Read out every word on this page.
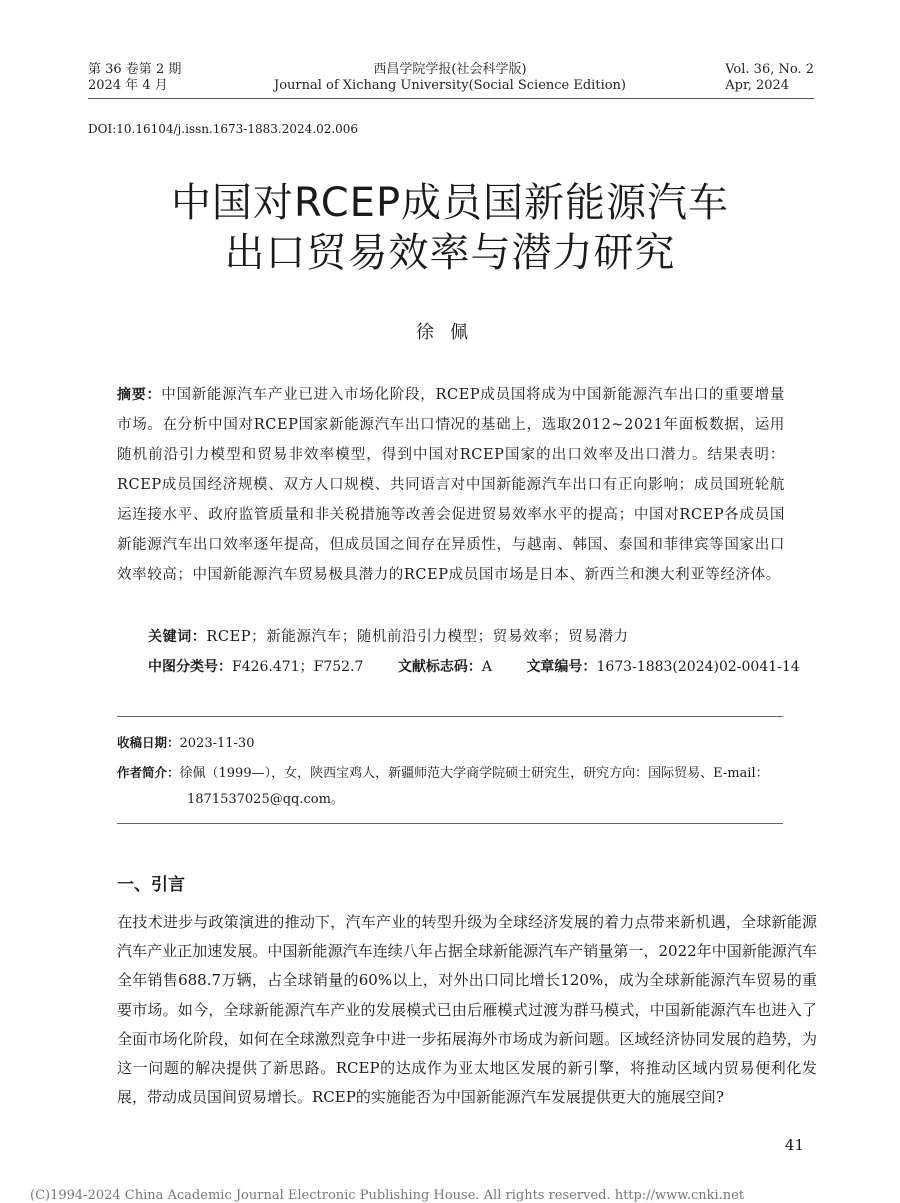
第 36 卷第 2 期
2024 年 4 月
西昌学院学报(社会科学版)
Journal of Xichang University(Social Science Edition)
Vol. 36, No. 2
Apr, 2024
DOI:10.16104/j.issn.1673-1883.2024.02.006
中国对RCEP成员国新能源汽车
出口贸易效率与潜力研究
徐佩
摘要：中国新能源汽车产业已进入市场化阶段，RCEP成员国将成为中国新能源汽车出口的重要增量市场。在分析中国对RCEP国家新能源汽车出口情况的基础上，选取2012~2021年面板数据，运用随机前沿引力模型和贸易非效率模型，得到中国对RCEP国家的出口效率及出口潜力。结果表明：RCEP成员国经济规模、双方人口规模、共同语言对中国新能源汽车出口有正向影响；成员国班轮航运连接水平、政府监管质量和非关税措施等改善会促进贸易效率水平的提高；中国对RCEP各成员国新能源汽车出口效率逐年提高，但成员国之间存在异质性，与越南、韩国、泰国和菲律宾等国家出口效率较高；中国新能源汽车贸易极具潜力的RCEP成员国市场是日本、新西兰和澳大利亚等经济体。
关键词：RCEP；新能源汽车；随机前沿引力模型；贸易效率；贸易潜力
中图分类号：F426.471；F752.7 文献标志码：A 文章编号：1673-1883(2024)02-0041-14
收稿日期：2023-11-30
作者简介：徐佩（1999—），女，陕西宝鸡人，新疆师范大学商学院硕士研究生，研究方向：国际贸易、E-mail：
1871537025@qq.com。
一、引言

在技术进步与政策演进的推动下，汽车产业的转型升级为全球经济发展的着力点带来新机遇，全球新能源汽车产业正加速发展。中国新能源汽车连续八年占据全球新能源汽车产销量第一，2022年中国新能源汽车全年销售688.7万辆，占全球销量的60%以上，对外出口同比增长120%，成为全球新能源汽车贸易的重要市场。如今，全球新能源汽车产业的发展模式已由后雁模式过渡为群马模式，中国新能源汽车也进入了全面市场化阶段，如何在全球激烈竞争中进一步拓展海外市场成为新问题。区域经济协同发展的趋势，为这一问题的解决提供了新思路。RCEP的达成作为亚太地区发展的新引擎，将推动区域内贸易便利化发展，带动成员国间贸易增长。RCEP的实施能否为中国新能源汽车发展提供更大的施展空间?

41
(C)1994-2024 China Academic Journal Electronic Publishing House. All rights reserved. http://www.cnki.net
